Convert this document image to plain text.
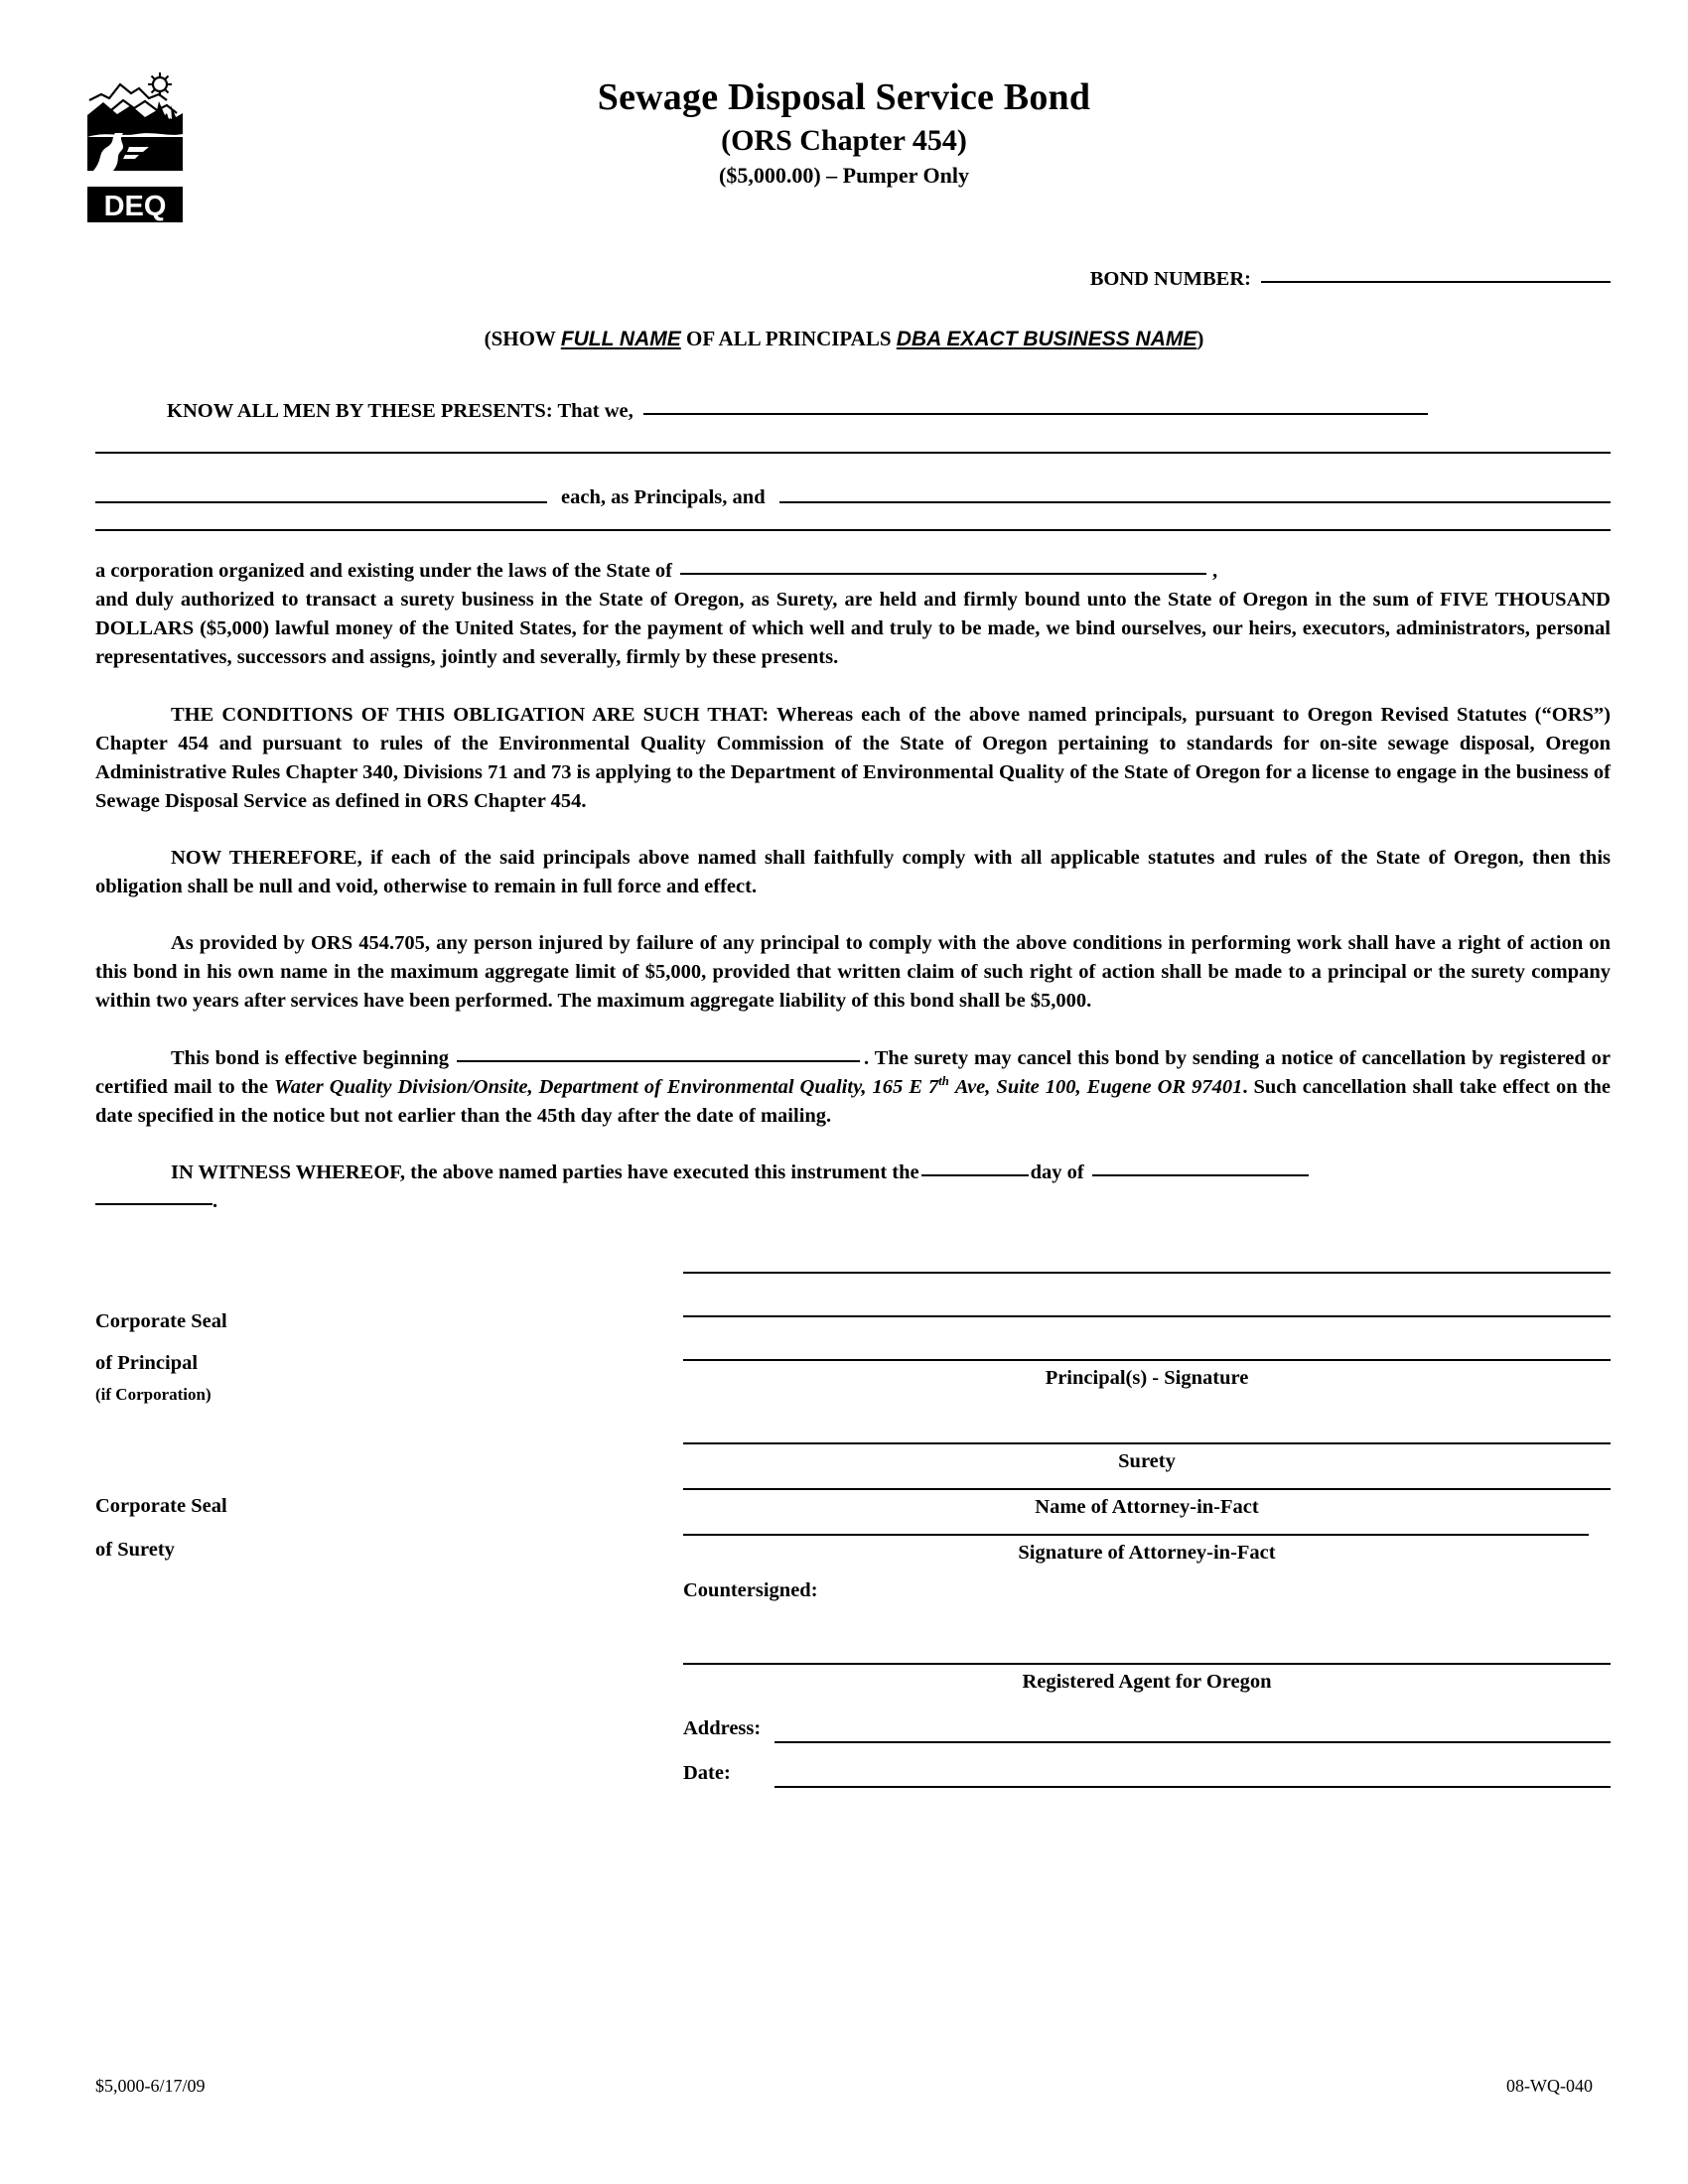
DEQ
Sewage Disposal Service Bond
(ORS Chapter 454)
($5,000.00) – Pumper Only
BOND NUMBER:
(SHOW FULL NAME OF ALL PRINCIPALS DBA EXACT BUSINESS NAME)
KNOW ALL MEN BY THESE PRESENTS: That we,
each, as Principals, and
a corporation organized and existing under the laws of the State of	,

and duly authorized to transact a surety business in the State of Oregon, as Surety, are held and firmly bound unto the State of Oregon in the sum of FIVE THOUSAND DOLLARS ($5,000) lawful money of the United States, for the payment of which well and truly to be made, we bind ourselves, our heirs, executors, administrators, personal representatives, successors and assigns, jointly and severally, firmly by these presents.

THE CONDITIONS OF THIS OBLIGATION ARE SUCH THAT: Whereas each of the above named principals, pursuant to Oregon Revised Statutes (“ORS”) Chapter 454 and pursuant to rules of the Environmental Quality Commission of the State of Oregon pertaining to standards for on-site sewage disposal, Oregon Administrative Rules Chapter 340, Divisions 71 and 73 is applying to the Department of Environmental Quality of the State of Oregon for a license to engage in the business of Sewage Disposal Service as defined in ORS Chapter 454.

NOW THEREFORE, if each of the said principals above named shall faithfully comply with all applicable statutes and rules of the State of Oregon, then this obligation shall be null and void, otherwise to remain in full force and effect.

As provided by ORS 454.705, any person injured by failure of any principal to comply with the above conditions in performing work shall have a right of action on this bond in his own name in the maximum aggregate limit of $5,000, provided that written claim of such right of action shall be made to a principal or the surety company within two years after services have been performed. The maximum aggregate liability of this bond shall be $5,000.

This bond is effective beginning	. The surety may cancel this bond by sending a notice of cancellation by registered or certified mail to the Water Quality Division/Onsite, Department of Environmental Quality, 165 E 7th Ave, Suite 100, Eugene OR 97401. Such cancellation shall take effect on the date specified in the notice but not earlier than the 45th day after the date of mailing.

IN WITNESS WHEREOF, the above named parties have executed this instrument the	day of
.

Corporate Seal
of Principal
(if Corporation)
Principal(s) - Signature
Corporate Seal
of Surety
Surety
Name of Attorney-in-Fact
Signature of Attorney-in-Fact
Countersigned:
Registered Agent for Oregon
Address:
Date:
$5,000-6/17/09	08-WQ-040
